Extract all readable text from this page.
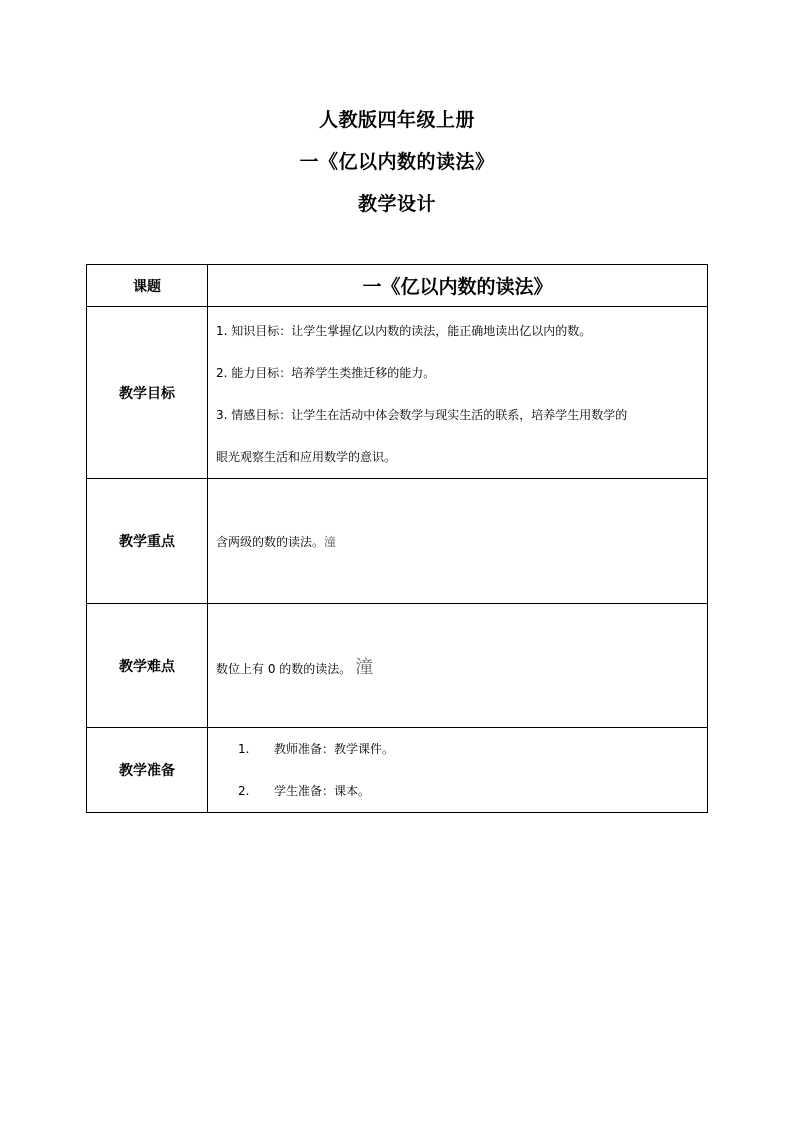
人教版四年级上册
一《亿以内数的读法》
教学设计
课题	一《亿以内数的读法》
教学目标	1. 知识目标：让学生掌握亿以内数的读法，能正确地读出亿以内的数。

2. 能力目标：培养学生类推迁移的能力。

3. 情感目标：让学生在活动中体会数学与现实生活的联系，培养学生用数学的

眼光观察生活和应用数学的意识。

教学重点	含两级的数的读法。潼
教学难点	数位上有 0 的数的读法。 潼
教学准备	1. 教师准备：教学课件。
2. 学生准备：课本。
